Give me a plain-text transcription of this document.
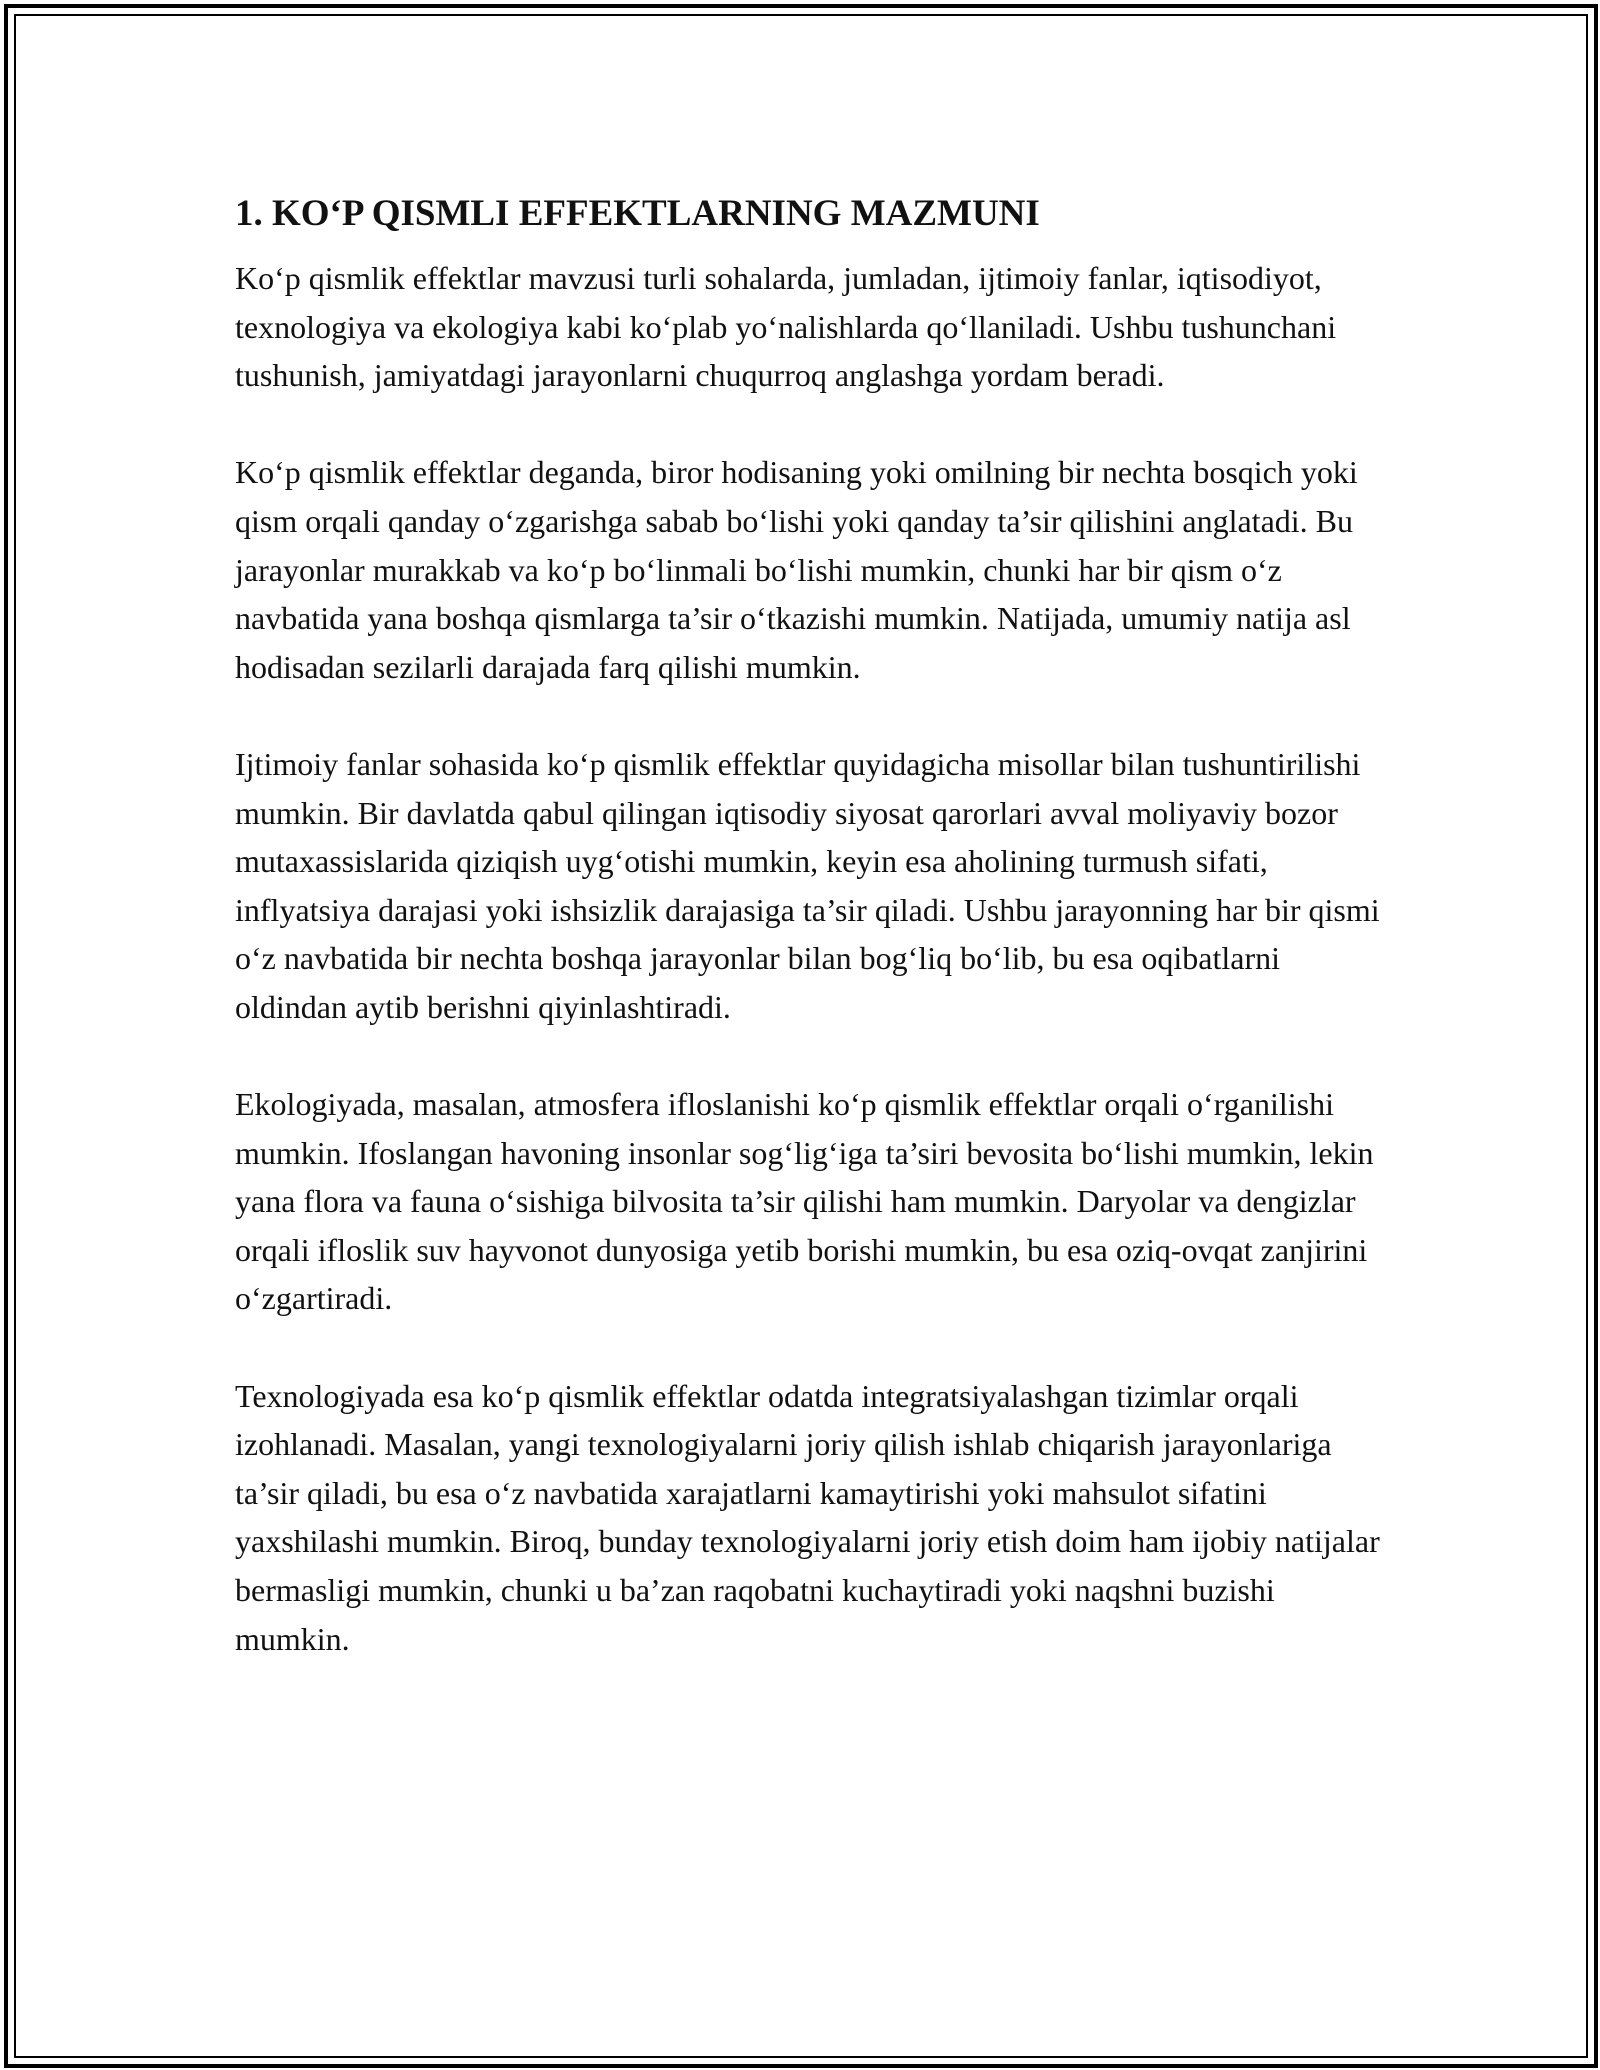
1. KO‘P QISMLI EFFEKTLARNING MAZMUNI

Ko‘p qismlik effektlar mavzusi turli sohalarda, jumladan, ijtimoiy fanlar, iqtisodiyot, texnologiya va ekologiya kabi ko‘plab yo‘nalishlarda qo‘llaniladi. Ushbu tushunchani tushunish, jamiyatdagi jarayonlarni chuqurroq anglashga yordam beradi.

Ko‘p qismlik effektlar deganda, biror hodisaning yoki omilning bir nechta bosqich yoki qism orqali qanday o‘zgarishga sabab bo‘lishi yoki qanday ta’sir qilishini anglatadi. Bu jarayonlar murakkab va ko‘p bo‘linmali bo‘lishi mumkin, chunki har bir qism o‘z navbatida yana boshqa qismlarga ta’sir o‘tkazishi mumkin. Natijada, umumiy natija asl hodisadan sezilarli darajada farq qilishi mumkin.

Ijtimoiy fanlar sohasida ko‘p qismlik effektlar quyidagicha misollar bilan tushuntirilishi mumkin. Bir davlatda qabul qilingan iqtisodiy siyosat qarorlari avval moliyaviy bozor mutaxassislarida qiziqish uyg‘otishi mumkin, keyin esa aholining turmush sifati, inflyatsiya darajasi yoki ishsizlik darajasiga ta’sir qiladi. Ushbu jarayonning har bir qismi o‘z navbatida bir nechta boshqa jarayonlar bilan bog‘liq bo‘lib, bu esa oqibatlarni oldindan aytib berishni qiyinlashtiradi.

Ekologiyada, masalan, atmosfera ifloslanishi ko‘p qismlik effektlar orqali o‘rganilishi mumkin. Ifoslangan havoning insonlar sog‘lig‘iga ta’siri bevosita bo‘lishi mumkin, lekin yana flora va fauna o‘sishiga bilvosita ta’sir qilishi ham mumkin. Daryolar va dengizlar orqali ifloslik suv hayvonot dunyosiga yetib borishi mumkin, bu esa oziq-ovqat zanjirini o‘zgartiradi.

Texnologiyada esa ko‘p qismlik effektlar odatda integratsiyalashgan tizimlar orqali izohlanadi. Masalan, yangi texnologiyalarni joriy qilish ishlab chiqarish jarayonlariga ta’sir qiladi, bu esa o‘z navbatida xarajatlarni kamaytirishi yoki mahsulot sifatini yaxshilashi mumkin. Biroq, bunday texnologiyalarni joriy etish doim ham ijobiy natijalar bermasligi mumkin, chunki u ba’zan raqobatni kuchaytiradi yoki naqshni buzishi mumkin.
